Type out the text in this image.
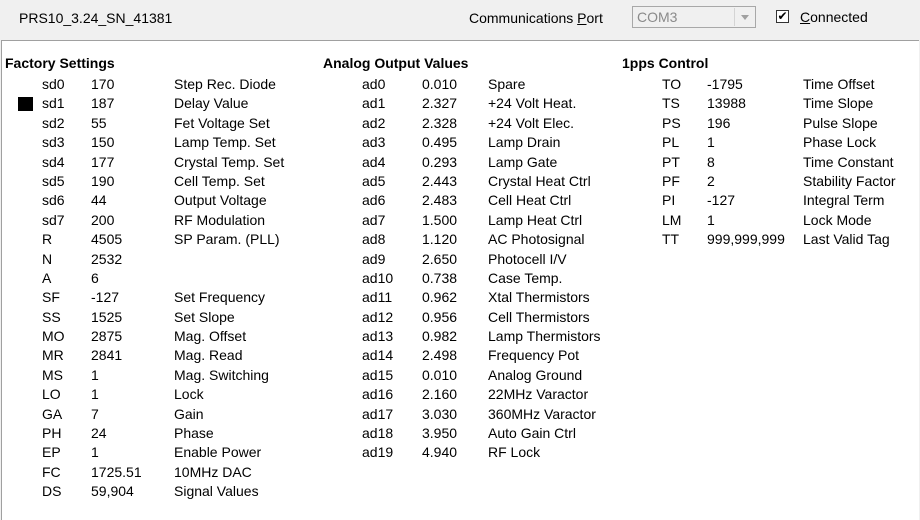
PRS10_3.24_SN_41381	Communications Port COM3	✔ Connected
Factory Settings	Analog Output Values	1pps Control
sd0 170	Step Rec. Diode
sd1 187	Delay Value
sd2 55	Fet Voltage Set
sd3 150	Lamp Temp. Set
sd4 177	Crystal Temp. Set
sd5 190	Cell Temp. Set
sd6 44	Output Voltage
sd7 200	RF Modulation
R	4505	SP Param. (PLL)
N	2532
A	6
SF -127	Set Frequency
SS 1525	Set Slope
MO 2875	Mag. Offset
MR 2841	Mag. Read
MS 1	Mag. Switching
LO 1	Lock
GA 7	Gain
PH 24	Phase
EP 1	Enable Power
FC 1725.51 10MHz DAC
DS 59,904	Signal Values
ad0	0.010 Spare
ad1	2.327 +24 Volt Heat.
ad2	2.328 +24 Volt Elec.
ad3	0.495 Lamp Drain
ad4	0.293 Lamp Gate
ad5	2.443 Crystal Heat Ctrl
ad6	2.483 Cell Heat Ctrl
ad7	1.500 Lamp Heat Ctrl
ad8	1.120 AC Photosignal
ad9	2.650 Photocell I/V
ad10 0.738 Case Temp.
ad11 0.962 Xtal Thermistors
ad12 0.956 Cell Thermistors
ad13 0.982 Lamp Thermistors
ad14 2.498 Frequency Pot
ad15 0.010 Analog Ground
ad16 2.160 22MHz Varactor
ad17 3.030 360MHz Varactor
ad18 3.950 Auto Gain Ctrl
ad19 4.940 RF Lock
TO -1795	Time Offset
TS 13988	Time Slope
PS 196	Pulse Slope
PL 1	Phase Lock
PT 8	Time Constant
PF 2	Stability Factor
PI -127	Integral Term
LM 1	Lock Mode
TT 999,999,999 Last Valid Tag
